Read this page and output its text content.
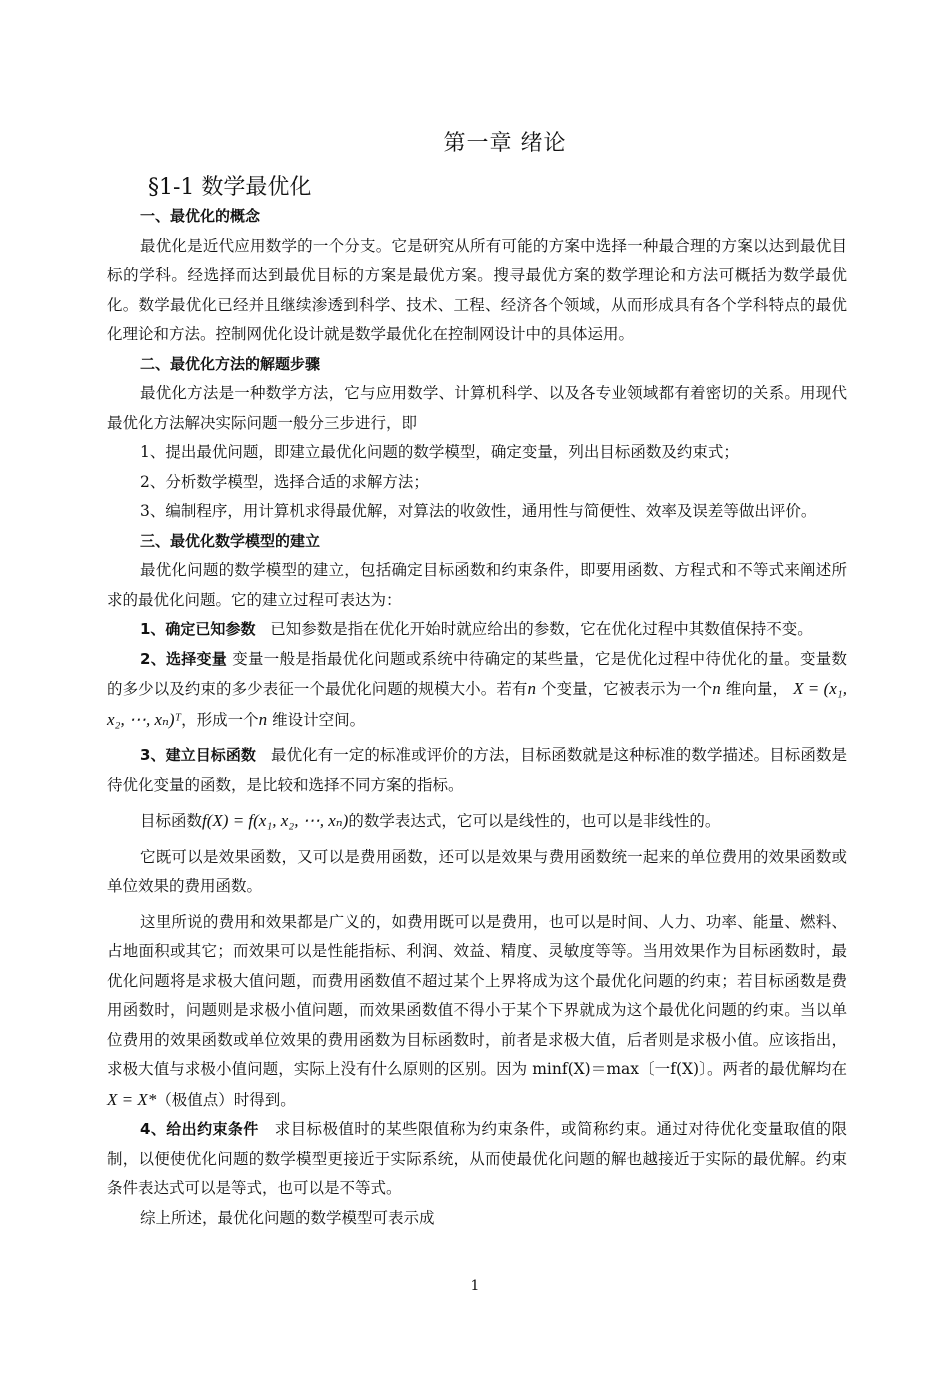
第一章 绪论
§1-1 数学最优化

一、最优化的概念

最优化是近代应用数学的一个分支。它是研究从所有可能的方案中选择一种最合理的方案以达到最优目标的学科。经选择而达到最优目标的方案是最优方案。搜寻最优方案的数学理论和方法可概括为数学最优化。数学最优化已经并且继续渗透到科学、技术、工程、经济各个领域，从而形成具有各个学科特点的最优化理论和方法。控制网优化设计就是数学最优化在控制网设计中的具体运用。

二、最优化方法的解题步骤

最优化方法是一种数学方法，它与应用数学、计算机科学、以及各专业领域都有着密切的关系。用现代最优化方法解决实际问题一般分三步进行，即

1、提出最优问题，即建立最优化问题的数学模型，确定变量，列出目标函数及约束式；

2、分析数学模型，选择合适的求解方法；

3、编制程序，用计算机求得最优解，对算法的收敛性，通用性与简便性、效率及误差等做出评价。

三、最优化数学模型的建立

最优化问题的数学模型的建立，包括确定目标函数和约束条件，即要用函数、方程式和不等式来阐述所求的最优化问题。它的建立过程可表达为：

1、确定已知参数 已知参数是指在优化开始时就应给出的参数，它在优化过程中其数值保持不变。

2、选择变量 变量一般是指最优化问题或系统中待确定的某些量，它是优化过程中待优化的量。变量数的多少以及约束的多少表征一个最优化问题的规模大小。若有n 个变量，它被表示为一个n 维向量， X = (x₁, x₂, ⋯, xₙ)ᵀ，形成一个n 维设计空间。

3、建立目标函数 最优化有一定的标准或评价的方法，目标函数就是这种标准的数学描述。目标函数是待优化变量的函数，是比较和选择不同方案的指标。

目标函数f(X) = f(x₁, x₂, ⋯, xₙ)的数学表达式，它可以是线性的，也可以是非线性的。

它既可以是效果函数，又可以是费用函数，还可以是效果与费用函数统一起来的单位费用的效果函数或单位效果的费用函数。

这里所说的费用和效果都是广义的，如费用既可以是费用，也可以是时间、人力、功率、能量、燃料、占地面积或其它；而效果可以是性能指标、利润、效益、精度、灵敏度等等。当用效果作为目标函数时，最优化问题将是求极大值问题，而费用函数值不超过某个上界将成为这个最优化问题的约束；若目标函数是费用函数时，问题则是求极小值问题，而效果函数值不得小于某个下界就成为这个最优化问题的约束。当以单位费用的效果函数或单位效果的费用函数为目标函数时，前者是求极大值，后者则是求极小值。应该指出，求极大值与求极小值问题，实际上没有什么原则的区别。因为 minf(X)＝max〔一f(X)〕。两者的最优解均在X = X*（极值点）时得到。

4、给出约束条件 求目标极值时的某些限值称为约束条件，或简称约束。通过对待优化变量取值的限制，以便使优化问题的数学模型更接近于实际系统，从而使最优化问题的解也越接近于实际的最优解。约束条件表达式可以是等式，也可以是不等式。

综上所述，最优化问题的数学模型可表示成

1
